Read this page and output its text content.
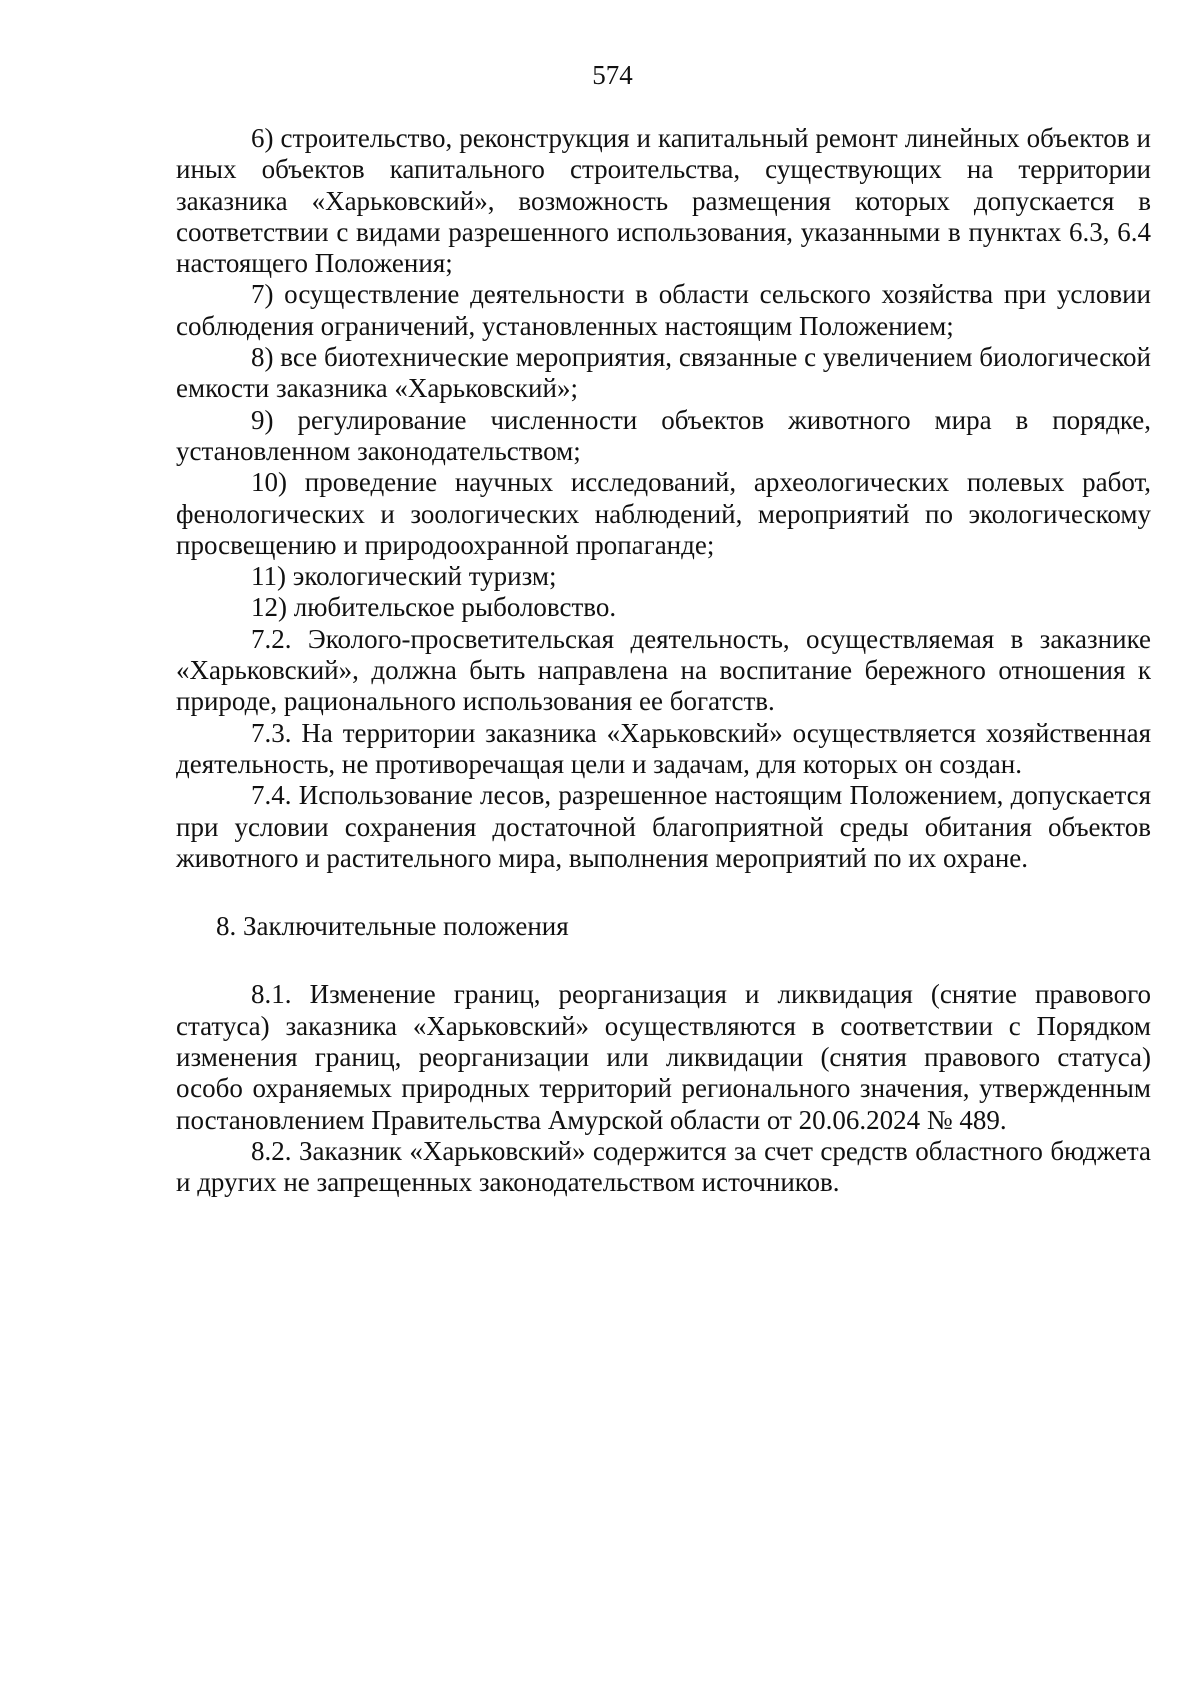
574

6) строительство, реконструкция и капитальный ремонт линейных объектов и иных объектов капитального строительства, существующих на территории заказника «Харьковский», возможность размещения которых допускается в соответствии с видами разрешенного использования, указанными в пунктах 6.3, 6.4 настоящего Положения;

7) осуществление деятельности в области сельского хозяйства при условии соблюдения ограничений, установленных настоящим Положением;

8) все биотехнические мероприятия, связанные с увеличением биологической емкости заказника «Харьковский»;

9) регулирование численности объектов животного мира в порядке, установленном законодательством;

10) проведение научных исследований, археологических полевых работ, фенологических и зоологических наблюдений, мероприятий по экологическому просвещению и природоохранной пропаганде;

11) экологический туризм;

12) любительское рыболовство.

7.2. Эколого-просветительская деятельность, осуществляемая в заказнике «Харьковский», должна быть направлена на воспитание бережного отношения к природе, рационального использования ее богатств.

7.3. На территории заказника «Харьковский» осуществляется хозяйственная деятельность, не противоречащая цели и задачам, для которых он создан.

7.4. Использование лесов, разрешенное настоящим Положением, допускается при условии сохранения достаточной благоприятной среды обитания объектов животного и растительного мира, выполнения мероприятий по их охране.

8. Заключительные положения

8.1. Изменение границ, реорганизация и ликвидация (снятие правового статуса) заказника «Харьковский» осуществляются в соответствии с Порядком изменения границ, реорганизации или ликвидации (снятия правового статуса) особо охраняемых природных территорий регионального значения, утвержденным постановлением Правительства Амурской области от 20.06.2024 № 489.

8.2. Заказник «Харьковский» содержится за счет средств областного бюджета и других не запрещенных законодательством источников.
